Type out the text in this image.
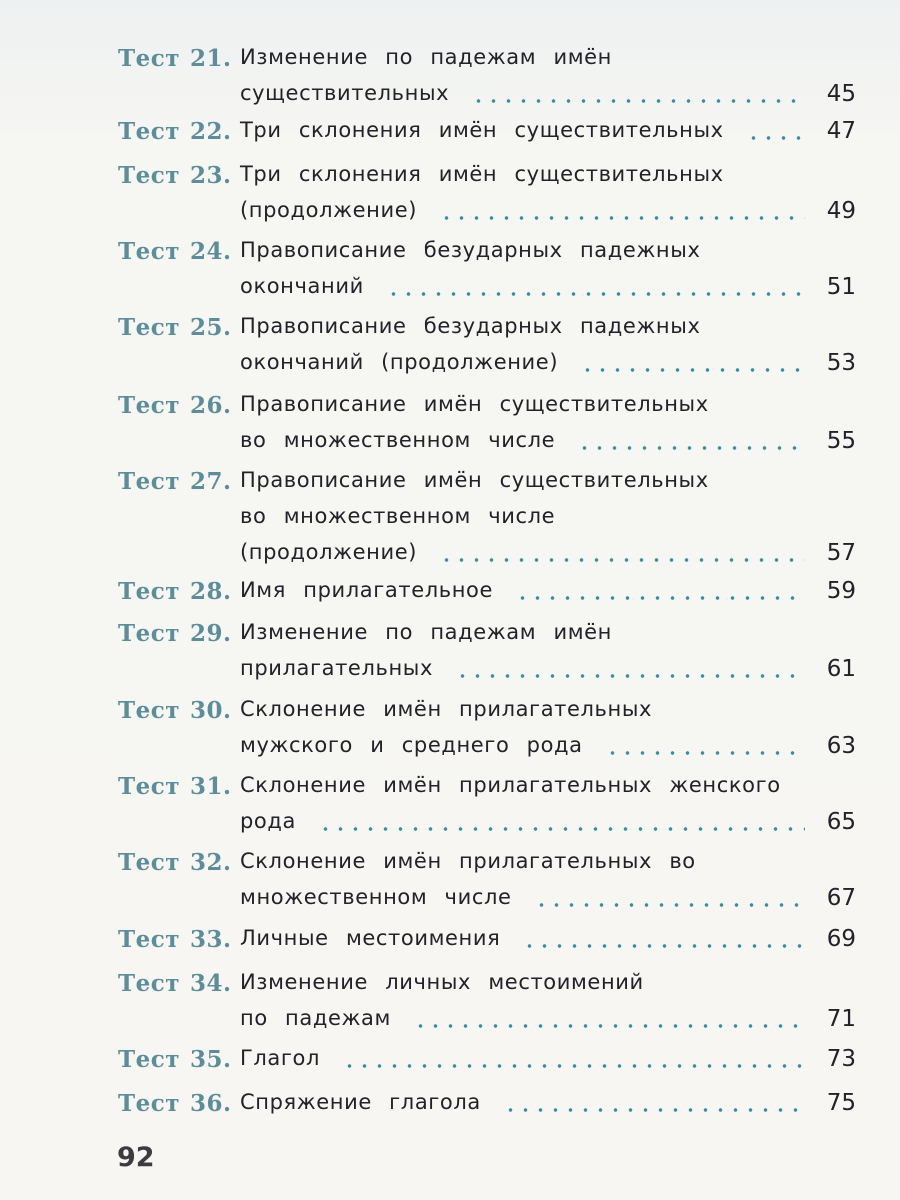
Тест 21. Изменение по падежам имён
существительных	45
Тест 22. Три склонения имён существительных	47
Тест 23. Три склонения имён существительных
(продолжение)	49
Тест 24. Правописание безударных падежных
окончаний	51
Тест 25. Правописание безударных падежных
окончаний (продолжение)	53
Тест 26. Правописание имён существительных
во множественном числе	55
Тест 27. Правописание имён существительных
во множественном числе
(продолжение)	57
Тест 28. Имя прилагательное	59
Тест 29. Изменение по падежам имён
прилагательных	61
Тест 30. Склонение имён прилагательных
мужского и среднего рода	63
Тест 31. Склонение имён прилагательных женского
рода	65
Тест 32. Склонение имён прилагательных во
множественном числе	67
Тест 33. Личные местоимения	69
Тест 34. Изменение личных местоимений
по падежам	71
Тест 35. Глагол	73
Тест 36. Спряжение глагола	75
92
